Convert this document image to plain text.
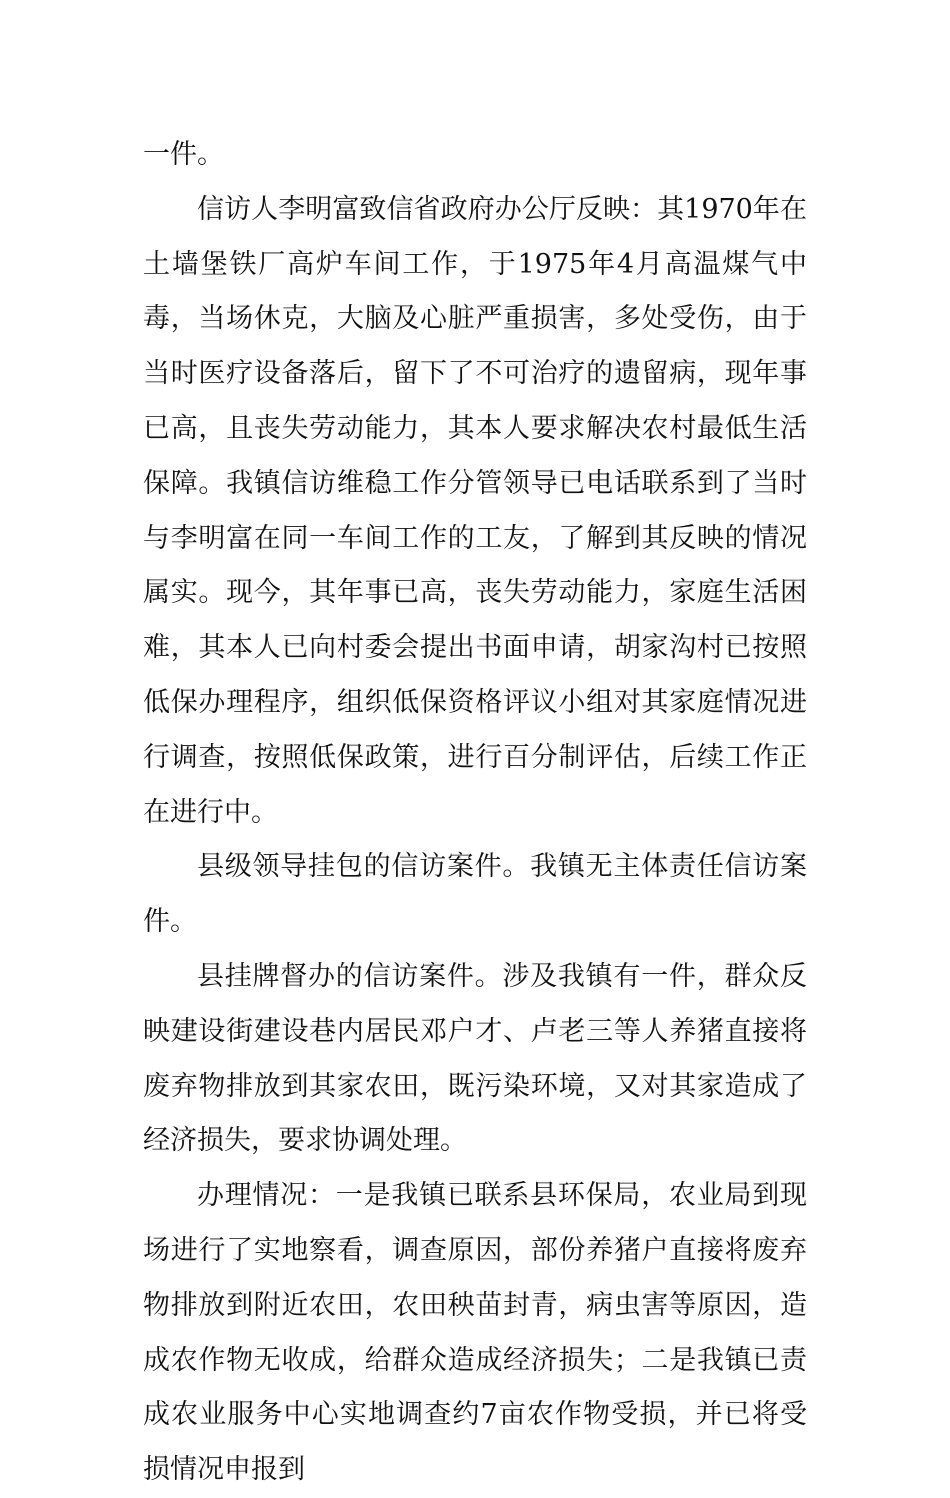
一件。

信访人李明富致信省政府办公厅反映：其1970年在土墙堡铁厂高炉车间工作，于1975年4月高温煤气中毒，当场休克，大脑及心脏严重损害，多处受伤，由于当时医疗设备落后，留下了不可治疗的遗留病，现年事已高，且丧失劳动能力，其本人要求解决农村最低生活保障。我镇信访维稳工作分管领导已电话联系到了当时与李明富在同一车间工作的工友，了解到其反映的情况属实。现今，其年事已高，丧失劳动能力，家庭生活困难，其本人已向村委会提出书面申请，胡家沟村已按照低保办理程序，组织低保资格评议小组对其家庭情况进行调查，按照低保政策，进行百分制评估，后续工作正在进行中。

县级领导挂包的信访案件。我镇无主体责任信访案件。

县挂牌督办的信访案件。涉及我镇有一件，群众反映建设街建设巷内居民邓户才、卢老三等人养猪直接将废弃物排放到其家农田，既污染环境，又对其家造成了经济损失，要求协调处理。

办理情况：一是我镇已联系县环保局，农业局到现场进行了实地察看，调查原因，部份养猪户直接将废弃物排放到附近农田，农田秧苗封青，病虫害等原因，造成农作物无收成，给群众造成经济损失；二是我镇已责成农业服务中心实地调查约7亩农作物受损，并已将受损情况申报到
